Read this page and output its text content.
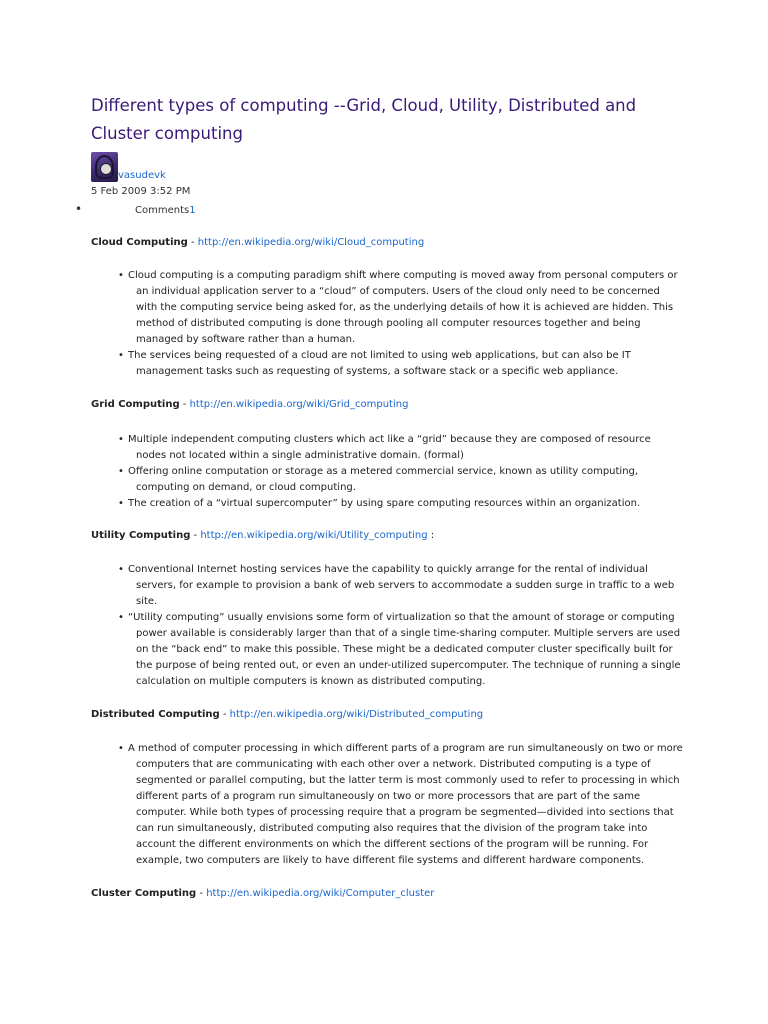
Different types of computing --Grid, Cloud, Utility, Distributed and Cluster computing
vasudevk
5 Feb 2009 3:52 PM
•	Comments1
Cloud Computing - http://en.wikipedia.org/wiki/Cloud_computing
• Cloud computing is a computing paradigm shift where computing is moved away from personal computers or an individual application server to a “cloud” of computers. Users of the cloud only need to be concerned with the computing service being asked for, as the underlying details of how it is achieved are hidden. This method of distributed computing is done through pooling all computer resources together and being managed by software rather than a human.
• The services being requested of a cloud are not limited to using web applications, but can also be IT management tasks such as requesting of systems, a software stack or a specific web appliance.
Grid Computing - http://en.wikipedia.org/wiki/Grid_computing
• Multiple independent computing clusters which act like a “grid” because they are composed of resource nodes not located within a single administrative domain. (formal)
• Offering online computation or storage as a metered commercial service, known as utility computing, computing on demand, or cloud computing.
• The creation of a “virtual supercomputer” by using spare computing resources within an organization.
Utility Computing - http://en.wikipedia.org/wiki/Utility_computing :
• Conventional Internet hosting services have the capability to quickly arrange for the rental of individual servers, for example to provision a bank of web servers to accommodate a sudden surge in traffic to a web site.
• “Utility computing” usually envisions some form of virtualization so that the amount of storage or computing power available is considerably larger than that of a single time-sharing computer. Multiple servers are used on the “back end” to make this possible. These might be a dedicated computer cluster specifically built for the purpose of being rented out, or even an under-utilized supercomputer. The technique of running a single calculation on multiple computers is known as distributed computing.
Distributed Computing - http://en.wikipedia.org/wiki/Distributed_computing
• A method of computer processing in which different parts of a program are run simultaneously on two or more computers that are communicating with each other over a network. Distributed computing is a type of segmented or parallel computing, but the latter term is most commonly used to refer to processing in which different parts of a program run simultaneously on two or more processors that are part of the same computer. While both types of processing require that a program be segmented—divided into sections that can run simultaneously, distributed computing also requires that the division of the program take into account the different environments on which the different sections of the program will be running. For example, two computers are likely to have different file systems and different hardware components.
Cluster Computing - http://en.wikipedia.org/wiki/Computer_cluster
